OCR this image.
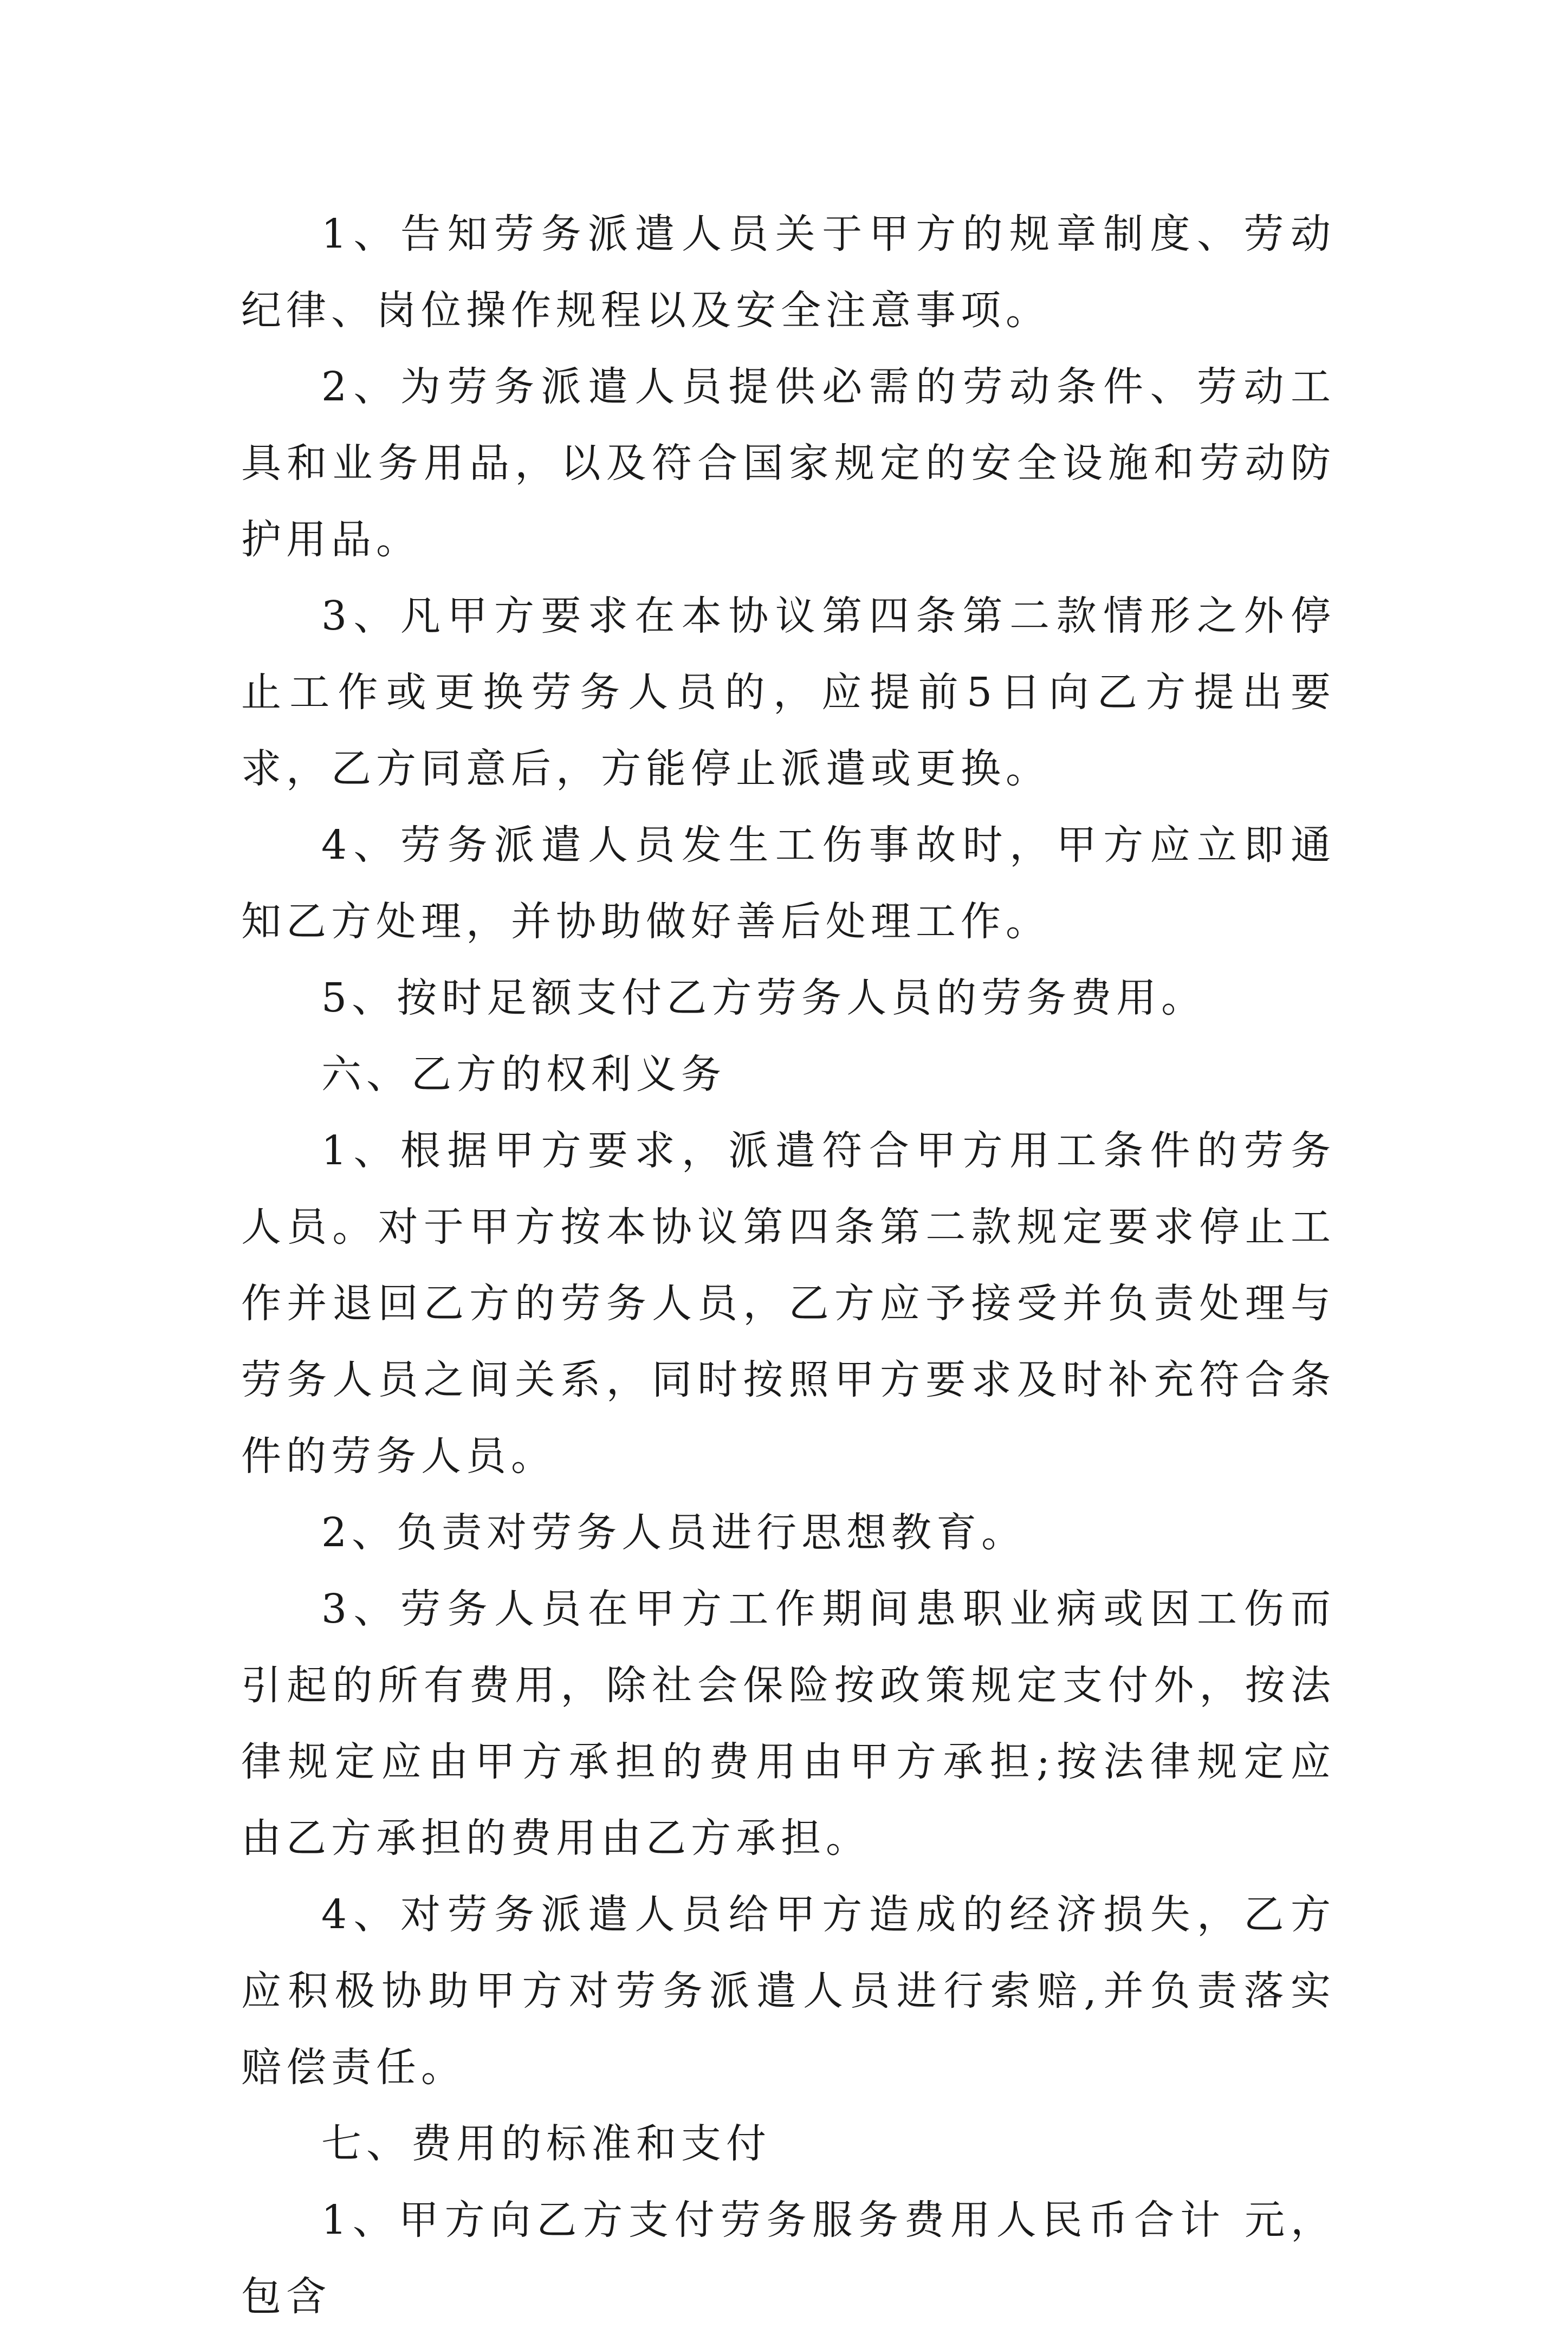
1、告知劳务派遣人员关于甲方的规章制度、劳动纪律、岗位操作规程以及安全注意事项。

2、为劳务派遣人员提供必需的劳动条件、劳动工具和业务用品，以及符合国家规定的安全设施和劳动防护用品。

3、凡甲方要求在本协议第四条第二款情形之外停止工作或更换劳务人员的，应提前5日向乙方提出要求，乙方同意后，方能停止派遣或更换。

4、劳务派遣人员发生工伤事故时，甲方应立即通知乙方处理，并协助做好善后处理工作。

5、按时足额支付乙方劳务人员的劳务费用。

六、乙方的权利义务

1、根据甲方要求，派遣符合甲方用工条件的劳务人员。对于甲方按本协议第四条第二款规定要求停止工作并退回乙方的劳务人员，乙方应予接受并负责处理与劳务人员之间关系，同时按照甲方要求及时补充符合条件的劳务人员。

2、负责对劳务人员进行思想教育。

3、劳务人员在甲方工作期间患职业病或因工伤而引起的所有费用，除社会保险按政策规定支付外，按法律规定应由甲方承担的费用由甲方承担;按法律规定应由乙方承担的费用由乙方承担。

4、对劳务派遣人员给甲方造成的经济损失，乙方应积极协助甲方对劳务派遣人员进行索赔,并负责落实赔偿责任。

七、费用的标准和支付

1、甲方向乙方支付劳务服务费用人民币合计 元，包含
